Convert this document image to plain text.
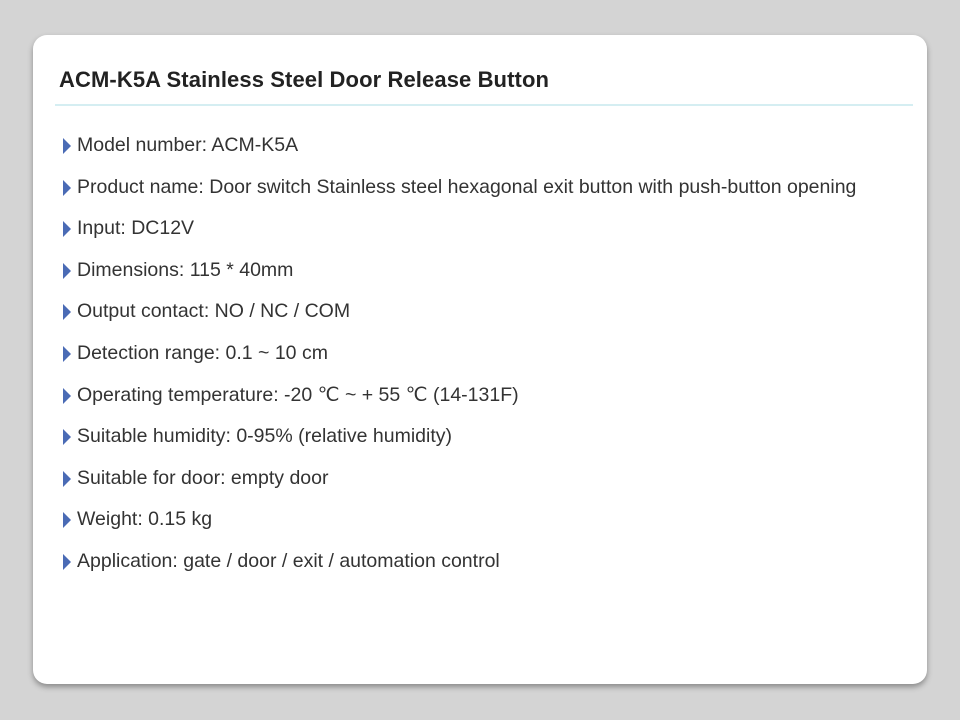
ACM-K5A Stainless Steel Door Release Button
Model number: ACM-K5A
Product name: Door switch Stainless steel hexagonal exit button with push-button opening
Input: DC12V
Dimensions: 115 * 40mm
Output contact: NO / NC / COM
Detection range: 0.1 ~ 10 cm
Operating temperature: -20 ℃ ~ + 55 ℃ (14-131F)
Suitable humidity: 0-95% (relative humidity)
Suitable for door: empty door
Weight: 0.15 kg
Application: gate / door / exit / automation control
